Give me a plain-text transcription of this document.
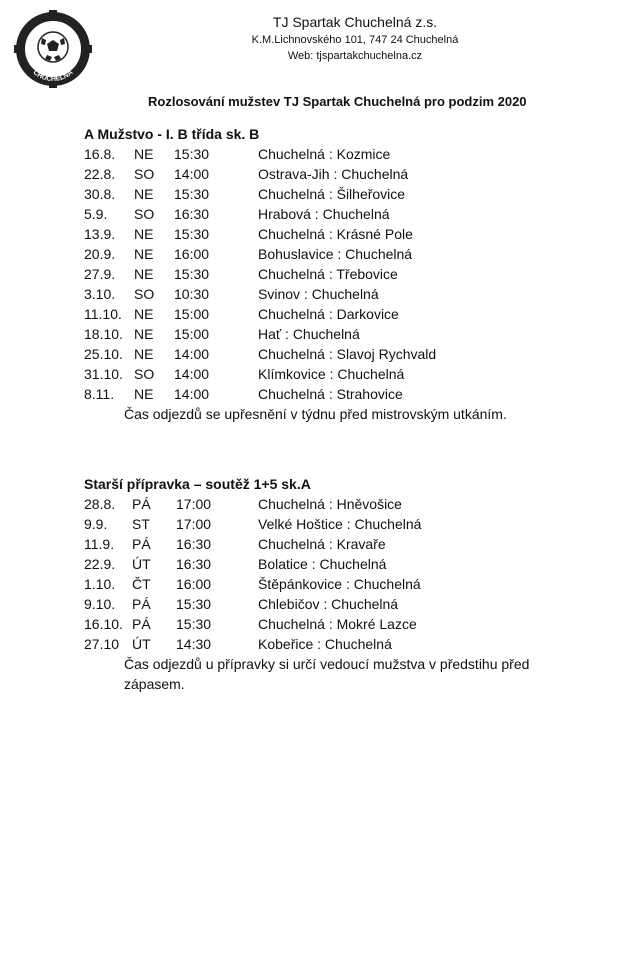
CHUCHELNÁ
TJ Spartak Chuchelná z.s.
K.M.Lichnovského 101, 747 24 Chuchelná
Web: tjspartakchuchelna.cz
Rozlosování mužstev TJ Spartak Chuchelná pro podzim 2020
A Mužstvo - I. B třída sk. B
16.8. NE 15:30	Chuchelná : Kozmice
22.8. SO 14:00	Ostrava-Jih : Chuchelná
30.8. NE 15:30	Chuchelná : Šilheřovice
5.9. SO 16:30	Hrabová : Chuchelná
13.9. NE 15:30	Chuchelná : Krásné Pole
20.9. NE 16:00	Bohuslavice : Chuchelná
27.9. NE 15:30	Chuchelná : Třebovice
3.10. SO 10:30	Svinov : Chuchelná
11.10. NE 15:00	Chuchelná : Darkovice
18.10. NE 15:00	Hať : Chuchelná
25.10. NE 14:00	Chuchelná : Slavoj Rychvald
31.10. SO 14:00	Klímkovice : Chuchelná
8.11. NE 14:00	Chuchelná : Strahovice
Čas odjezdů se upřesnění v týdnu před mistrovským utkáním.
Starší přípravka – soutěž 1+5 sk.A
28.8. PÁ 17:00	Chuchelná : Hněvošice
9.9. ST 17:00	Velké Hoštice : Chuchelná
11.9. PÁ 16:30	Chuchelná : Kravaře
22.9. ÚT 16:30	Bolatice : Chuchelná
1.10. ČT 16:00	Štěpánkovice : Chuchelná
9.10. PÁ 15:30	Chlebičov : Chuchelná
16.10. PÁ 15:30	Chuchelná : Mokré Lazce
27.10 ÚT 14:30	Kobeřice : Chuchelná
Čas odjezdů u přípravky si určí vedoucí mužstva v předstihu před zápasem.
